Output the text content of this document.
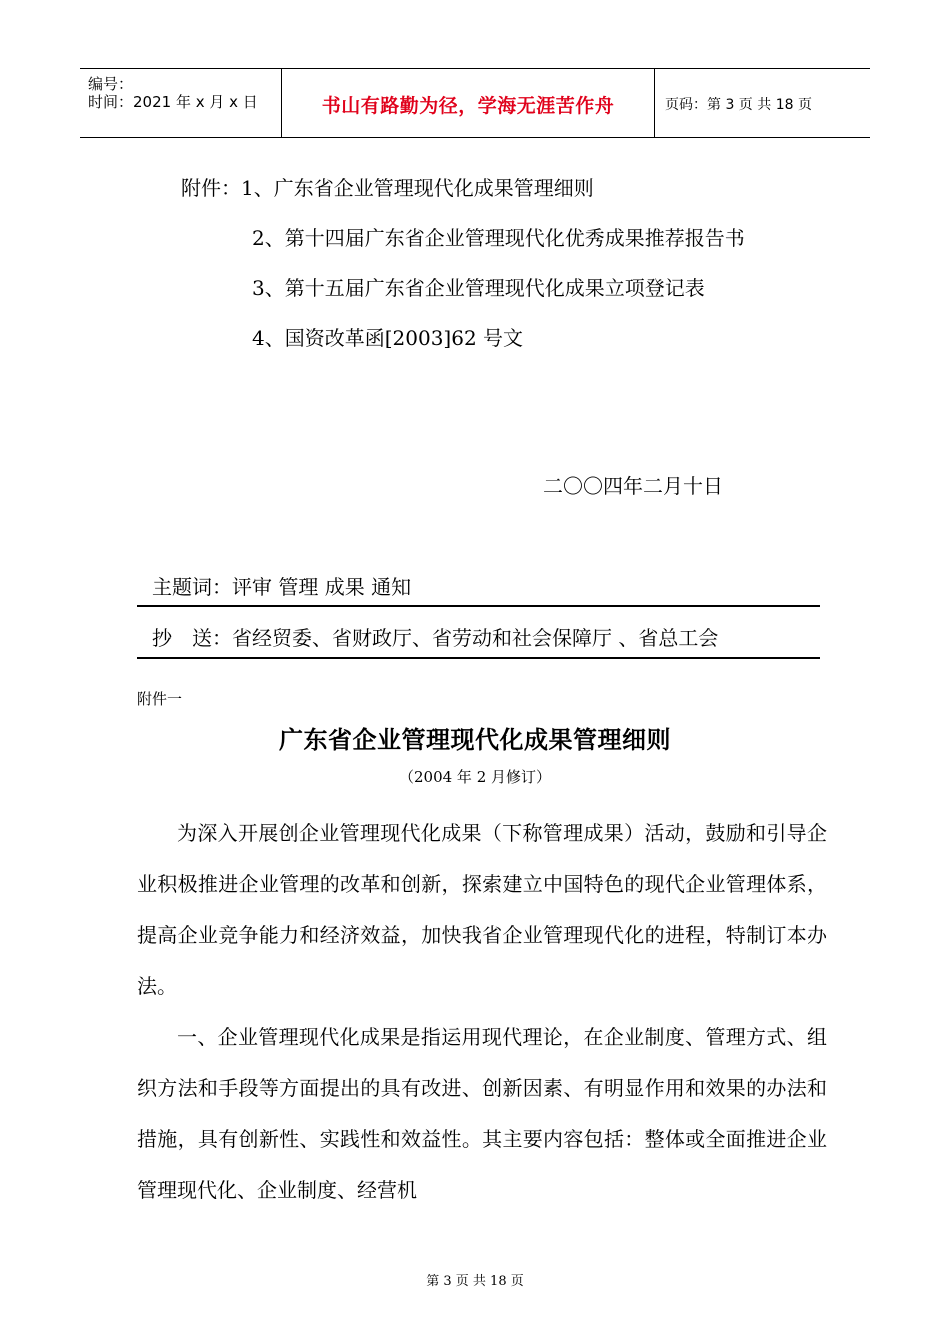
编号：
时间：2021 年 x 月 x 日	书山有路勤为径，学海无涯苦作舟	页码：第 3 页 共 18 页
附件：1、广东省企业管理现代化成果管理细则
2、第十四届广东省企业管理现代化优秀成果推荐报告书
3、第十五届广东省企业管理现代化成果立项登记表
4、国资改革函[2003]62 号文
二〇〇四年二月十日
主题词：评审 管理 成果 通知
抄　送：省经贸委、省财政厅、省劳动和社会保障厅 、省总工会
附件一
广东省企业管理现代化成果管理细则
（2004 年 2 月修订）
为深入开展创企业管理现代化成果（下称管理成果）活动，鼓励和引导企业积极推进企业管理的改革和创新，探索建立中国特色的现代企业管理体系，提高企业竞争能力和经济效益，加快我省企业管理现代化的进程，特制订本办法。
一、企业管理现代化成果是指运用现代理论，在企业制度、管理方式、组织方法和手段等方面提出的具有改进、创新因素、有明显作用和效果的办法和措施，具有创新性、实践性和效益性。其主要内容包括：整体或全面推进企业管理现代化、企业制度、经营机
第 3 页 共 18 页
